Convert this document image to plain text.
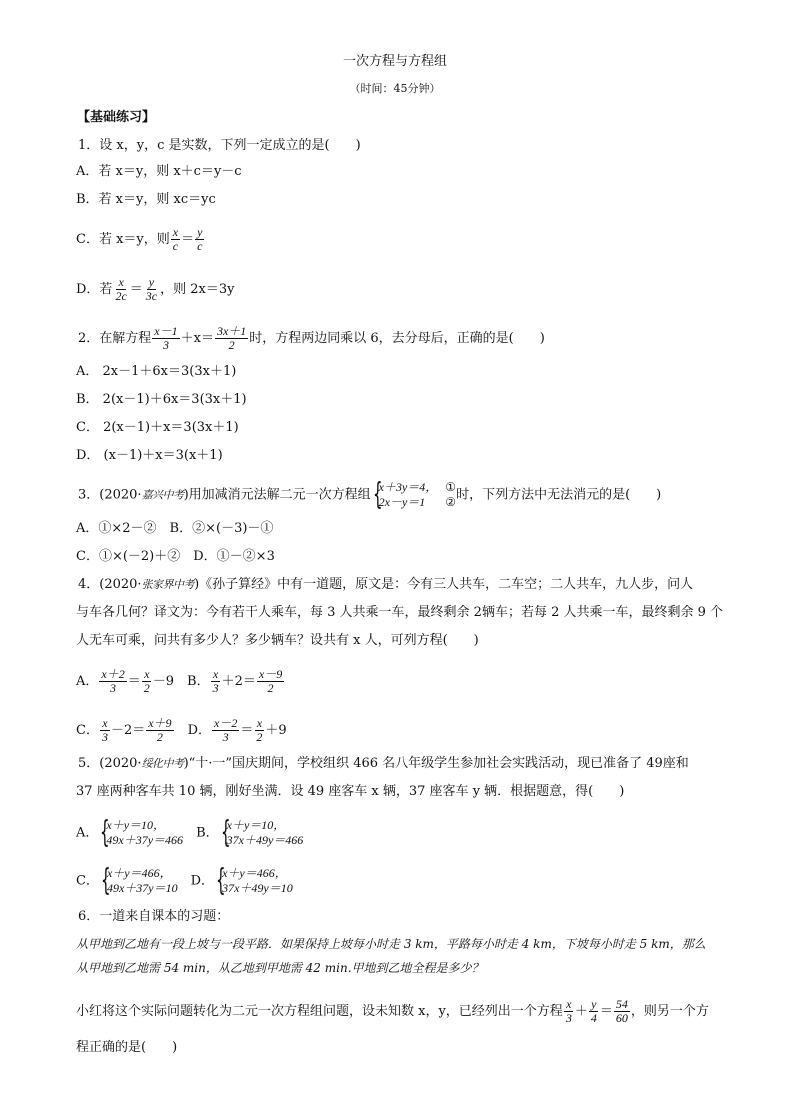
一次方程与方程组
（时间：45分钟）
【基础练习】
1．设 x，y，c 是实数，下列一定成立的是(　　)
A．若 x＝y，则 x＋c＝y－c
B．若 x＝y，则 xc＝yc
C．若 x＝y，则 $\frac{x}{c} = \frac{y}{c}$
D．若 $\frac{x}{2c} = \frac{y}{3c}$ ，则 2x＝3y
2．在解方程 $\frac{x-1}{3} +x= \frac{3x+1}{2}$ 时，方程两边同乘以 6，去分母后，正确的是(　　)
A． 2x－1＋6x＝3(3x＋1)
B． 2(x－1)＋6x＝3(3x＋1)
C． 2(x－1)＋x＝3(3x＋1)
D． (x－1)＋x＝3(x＋1)
3．(2020·嘉兴中考)用加减消元法解二元一次方程组 {
x＋3y＝4，
2x－y＝1
①
② 时，下列方法中无法消元的是(　　)
A．①×2－②　B．②×(－3)－①
C．①×(－2)＋②　D．①－②×3
4．(2020·张家界中考)《孙子算经》中有一道题，原文是：今有三人共车，二车空；二人共车，九人步，问人
与车各几何？译文为：今有若干人乘车，每 3 人共乘一车，最终剩余 2辆车；若每 2 人共乘一车，最终剩余 9 个
人无车可乘，问共有多少人？多少辆车？设共有 x 人，可列方程(　　)
A． $\frac{x+2}{3} = \frac{x}{2} -9$　 B． $\frac{x}{3} +2= \frac{x-9}{2}$
C． $\frac{x}{3} -2= \frac{x+9}{2}$
　 D． $\frac{x-2}{3} = \frac{x}{2} +9$
5．(2020·绥化中考)“十·一”国庆期间，学校组织 466 名八年级学生参加社会实践活动，现已准备了 49座和
37 座两种客车共 10 辆，刚好坐满．设 49 座客车 x 辆，37 座客车 y 辆．根据题意，得(　　)
A． {
x＋y＝10，
49x＋37y＝466
　 B． {
x＋y＝10，
37x＋49y＝466
C． {
x＋y＝466，
49x＋37y＝10
　 D． {
x＋y＝466，
37x＋49y＝10
6．一道来自课本的习题：
从甲地到乙地有一段上坡与一段平路．如果保持上坡每小时走 3 km，平路每小时走 4 km，下坡每小时走 5 km，那么从甲地到乙地需 54 min，从乙地到甲地需 42 min.甲地到乙地全程是多少？
小红将这个实际问题转化为二元一次方程组问题，设未知数 x，y，已经列出一个方程 $\frac{x}{3} + \frac{y}{4} = \frac{54}{60}$ ，则另一个方
程正确的是(　　)
